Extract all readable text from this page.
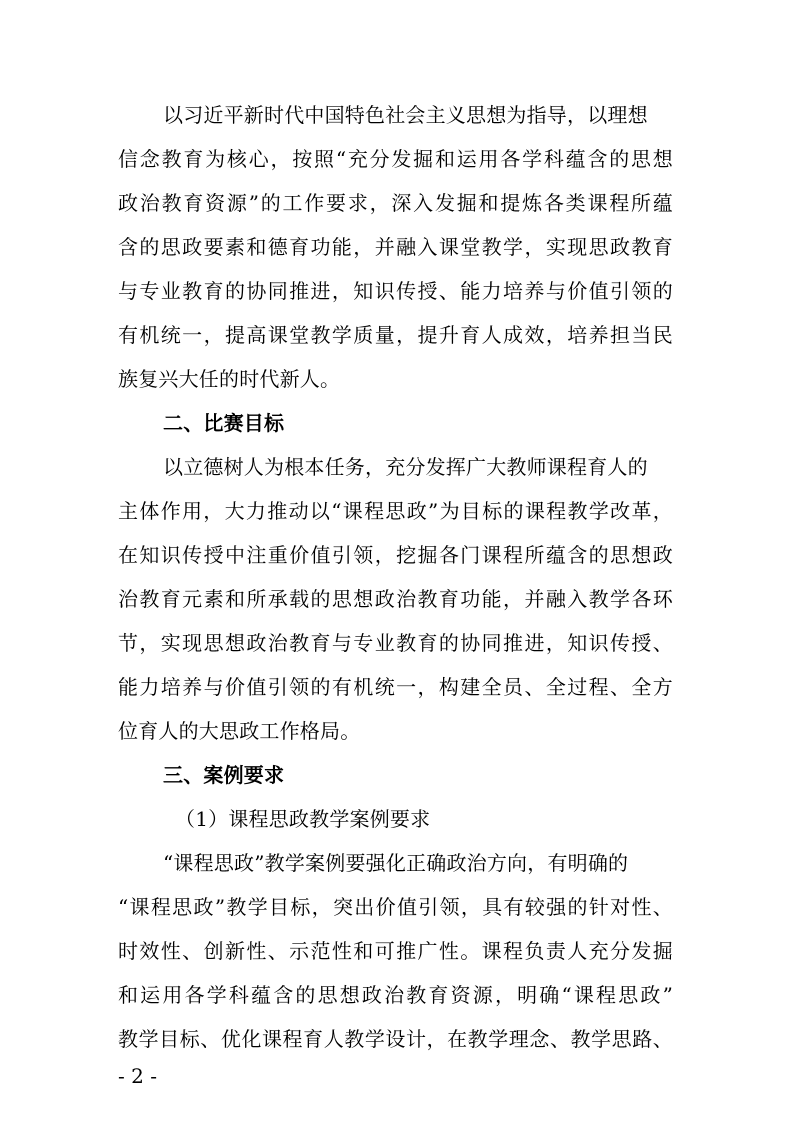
以习近平新时代中国特色社会主义思想为指导，以理想
信念教育为核心，按照“充分发掘和运用各学科蕴含的思想
政治教育资源”的工作要求，深入发掘和提炼各类课程所蕴
含的思政要素和德育功能，并融入课堂教学，实现思政教育
与专业教育的协同推进，知识传授、能力培养与价值引领的
有机统一，提高课堂教学质量，提升育人成效，培养担当民
族复兴大任的时代新人。
二、比赛目标
以立德树人为根本任务，充分发挥广大教师课程育人的
主体作用，大力推动以“课程思政”为目标的课程教学改革，
在知识传授中注重价值引领，挖掘各门课程所蕴含的思想政
治教育元素和所承载的思想政治教育功能，并融入教学各环
节，实现思想政治教育与专业教育的协同推进，知识传授、
能力培养与价值引领的有机统一，构建全员、全过程、全方
位育人的大思政工作格局。
三、案例要求
（1）课程思政教学案例要求
“课程思政”教学案例要强化正确政治方向，有明确的
“课程思政”教学目标，突出价值引领，具有较强的针对性、
时效性、创新性、示范性和可推广性。课程负责人充分发掘
和运用各学科蕴含的思想政治教育资源，明确“课程思政”
教学目标、优化课程育人教学设计，在教学理念、教学思路、
- 2 -
